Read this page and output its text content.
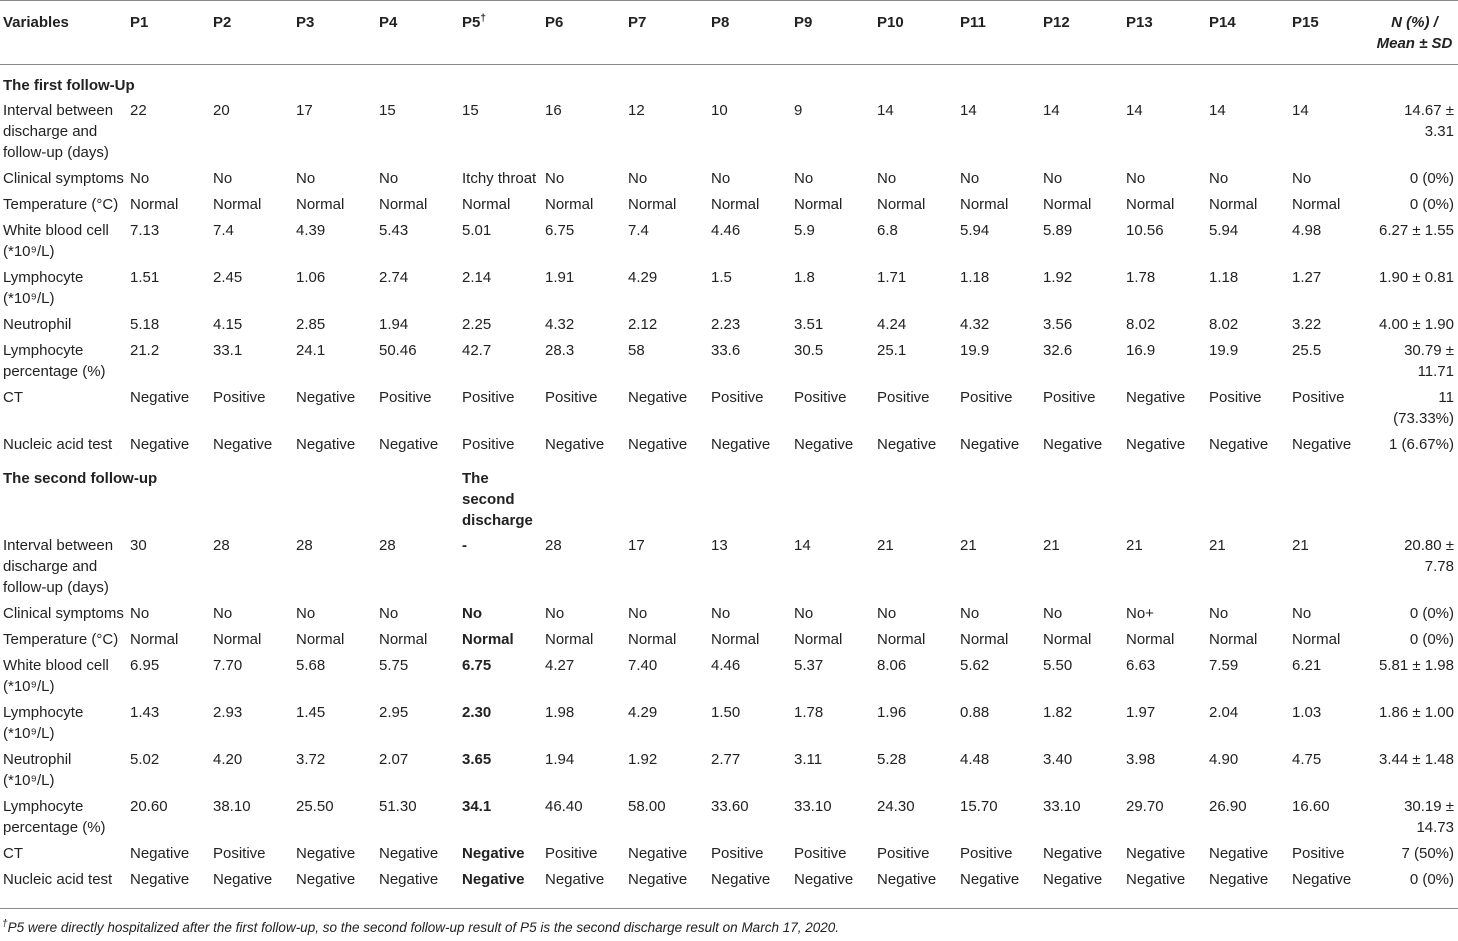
Variables	P1	P2	P3	P4	P5†	P6	P7	P8	P9	P10	P11	P12	P13	P14	P15	N (%) / Mean ± SD
The first follow-Up																
Interval between discharge and follow-up (days)	22	20	17	15	15	16	12	10	9	14	14	14	14	14	14	14.67 ± 3.31
Clinical symptoms	No	No	No	No	Itchy throat	No	No	No	No	No	No	No	No	No	No	0 (0%)
Temperature (°C)	Normal	Normal	Normal	Normal	Normal	Normal	Normal	Normal	Normal	Normal	Normal	Normal	Normal	Normal	Normal	0 (0%)
White blood cell (*10⁹/L)	7.13	7.4	4.39	5.43	5.01	6.75	7.4	4.46	5.9	6.8	5.94	5.89	10.56	5.94	4.98	6.27 ± 1.55
Lymphocyte (*10⁹/L)	1.51	2.45	1.06	2.74	2.14	1.91	4.29	1.5	1.8	1.71	1.18	1.92	1.78	1.18	1.27	1.90 ± 0.81
Neutrophil	5.18	4.15	2.85	1.94	2.25	4.32	2.12	2.23	3.51	4.24	4.32	3.56	8.02	8.02	3.22	4.00 ± 1.90
Lymphocyte percentage (%)	21.2	33.1	24.1	50.46	42.7	28.3	58	33.6	30.5	25.1	19.9	32.6	16.9	19.9	25.5	30.79 ± 11.71
CT	Negative	Positive	Negative	Positive	Positive	Positive	Negative	Positive	Positive	Positive	Positive	Positive	Negative	Positive	Positive	11 (73.33%)
Nucleic acid test	Negative	Negative	Negative	Negative	Positive	Negative	Negative	Negative	Negative	Negative	Negative	Negative	Negative	Negative	Negative	1 (6.67%)
The second follow-up					The second discharge											
Interval between discharge and follow-up (days)	30	28	28	28	-	28	17	13	14	21	21	21	21	21	21	20.80 ± 7.78
Clinical symptoms	No	No	No	No	No	No	No	No	No	No	No	No	No+	No	No	0 (0%)
Temperature (°C)	Normal	Normal	Normal	Normal	Normal	Normal	Normal	Normal	Normal	Normal	Normal	Normal	Normal	Normal	Normal	0 (0%)
White blood cell (*10⁹/L)	6.95	7.70	5.68	5.75	6.75	4.27	7.40	4.46	5.37	8.06	5.62	5.50	6.63	7.59	6.21	5.81 ± 1.98
Lymphocyte (*10⁹/L)	1.43	2.93	1.45	2.95	2.30	1.98	4.29	1.50	1.78	1.96	0.88	1.82	1.97	2.04	1.03	1.86 ± 1.00
Neutrophil (*10⁹/L)	5.02	4.20	3.72	2.07	3.65	1.94	1.92	2.77	3.11	5.28	4.48	3.40	3.98	4.90	4.75	3.44 ± 1.48
Lymphocyte percentage (%)	20.60	38.10	25.50	51.30	34.1	46.40	58.00	33.60	33.10	24.30	15.70	33.10	29.70	26.90	16.60	30.19 ± 14.73
CT	Negative	Positive	Negative	Negative	Negative	Positive	Negative	Positive	Positive	Positive	Positive	Negative	Negative	Negative	Positive	7 (50%)
Nucleic acid test	Negative	Negative	Negative	Negative	Negative	Negative	Negative	Negative	Negative	Negative	Negative	Negative	Negative	Negative	Negative	0 (0%)
†P5 were directly hospitalized after the first follow-up, so the second follow-up result of P5 is the second discharge result on March 17, 2020.
